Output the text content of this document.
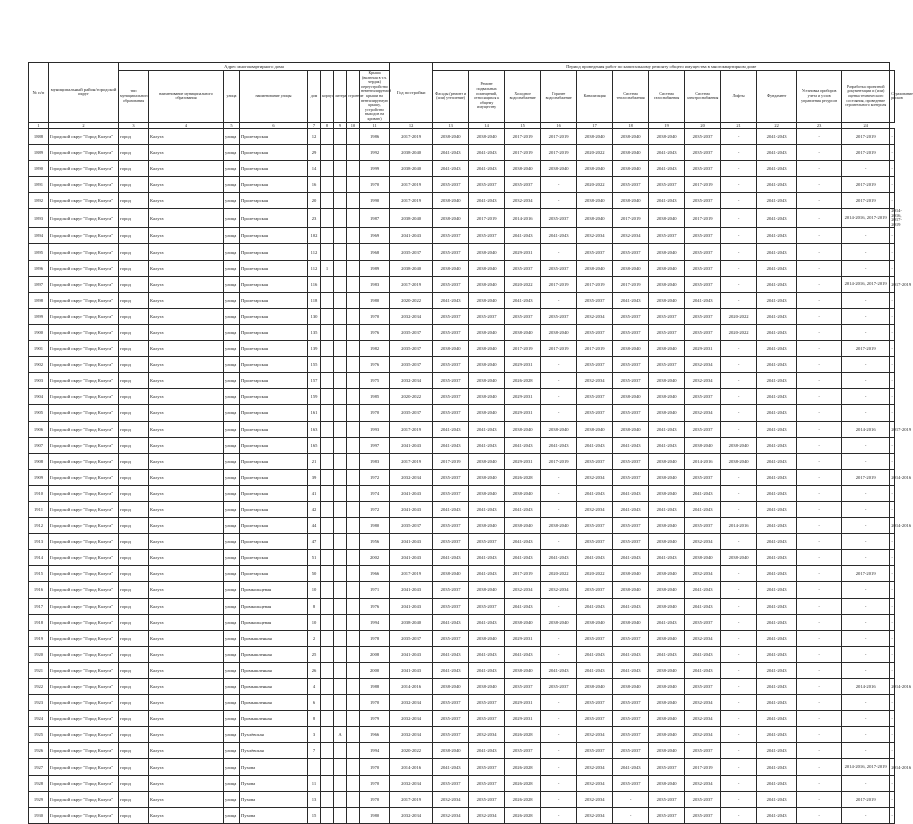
№ п/п	муниципальный район/городской округ	Адрес многоквартирного дома									Год постройки	Период проведения работ по капитальному ремонту общего имущества в многоквартирном доме												
		тип муниципального образования	наименование муниципального образования	улица	наименование улицы	дом	корпус	литера	строение	Крыша (включая в т.ч. чердак) переустройство невентилируемой крыши на вентилируемую крышу, устройство выходов на кровлю)		Фасады (ремонт и (или) утепление)	Ремонт подвальных помещений, относящихся к общему имуществу	Холодное водоснабжение	Горячее водоснабжение	Канализация	Система теплоснабжения	Система газоснабжения	Система электроснабжения	Лифты	Фундамент	Установка приборов учета и узлов управления ресурсов	Разработка проектной документации и (или) оценка технического состояния, проведение строительного контроля	Страхование рисков
1	2	3	4	5	6	7	8	9	10	11	12	13	14	15	16	17	18	19	20	21	22	23	24	
1888	Городской округ "Город Калуга"	город	Калуга	улица	Пролетарская	12				1986	2017-2019	2038-2040	2038-2040	2017-2019	2017-2019	2038-2040	2038-2040	2038-2040	2035-2037	-	2041-2043	-	2017-2019	-
1889	Городской округ "Город Калуга"	город	Калуга	улица	Пролетарская	29				1992	2038-2040	2041-2043	2041-2043	2017-2019	2017-2019	2020-2022	2038-2040	2041-2043	2035-2037	-	2041-2043	-	2017-2019	-
1890	Городской округ "Город Калуга"	город	Калуга	улица	Пролетарская	14				1999	2038-2040	2041-2043	2041-2043	2038-2040	2038-2040	2038-2040	2038-2040	2041-2043	2035-2037	-	2041-2043	-	-	-
1891	Городской округ "Город Калуга"	город	Калуга	улица	Пролетарская	16				1970	2017-2019	2035-2037	2035-2037	2035-2037	-	2020-2022	2035-2037	2035-2037	2017-2019	-	2041-2043	-	2017-2019	-
1892	Городской округ "Город Калуга"	город	Калуга	улица	Пролетарская	20				1990	2017-2019	2038-2040	2041-2043	2032-2034	-	2038-2040	2038-2040	2041-2043	2035-2037	-	2041-2043	-	2017-2019	-
1893	Городской округ "Город Калуга"	город	Калуга	улица	Пролетарская	23				1987	2038-2040	2038-2040	2017-2019	2014-2016	2035-2037	2038-2040	2017-2019	2038-2040	2017-2019	-	2041-2043	-	2014-2016, 2017-2019	2014-2016, 2017-2019
1894	Городской округ "Город Калуга"	город	Калуга	улица	Пролетарская	102				1969	2041-2043	2035-2037	2035-2037	2041-2043	2041-2043	2032-2034	2032-2034	2035-2037	2035-2037	-	2041-2043	-	-	-
1895	Городской округ "Город Калуга"	город	Калуга	улица	Пролетарская	112				1968	2035-2037	2035-2037	2038-2040	2029-2031	-	2035-2037	2035-2037	2038-2040	2035-2037	-	2041-2043	-	-	-
1896	Городской округ "Город Калуга"	город	Калуга	улица	Пролетарская	112	1			1989	2038-2040	2038-2040	2038-2040	2035-2037	2035-2037	2038-2040	2038-2040	2038-2040	2035-2037	-	2041-2043	-	-	-
1897	Городской округ "Город Калуга"	город	Калуга	улица	Пролетарская	116				1983	2017-2019	2035-2037	2038-2040	2020-2022	2017-2019	2017-2019	2017-2019	2038-2040	2035-2037	-	2041-2043	-	2014-2016, 2017-2019	2017-2019
1898	Городской округ "Город Калуга"	город	Калуга	улица	Пролетарская	118				1980	2020-2022	2041-2043	2038-2040	2041-2043	-	2035-2037	2041-2043	2038-2040	2041-2043	-	2041-2043	-	-	-
1899	Городской округ "Город Калуга"	город	Калуга	улица	Пролетарская	130				1970	2032-2034	2035-2037	2035-2037	2035-2037	2035-2037	2032-2034	2035-2037	2035-2037	2035-2037	2020-2022	2041-2043	-	-	-
1900	Городской округ "Город Калуга"	город	Калуга	улица	Пролетарская	135				1976	2035-2037	2035-2037	2038-2040	2038-2040	2038-2040	2035-2037	2035-2037	2035-2037	2035-2037	2020-2022	2041-2043	-	-	-
1901	Городской округ "Город Калуга"	город	Калуга	улица	Пролетарская	139				1982	2035-2037	2038-2040	2038-2040	2017-2019	2017-2019	2017-2019	2038-2040	2038-2040	2029-2031	-	2041-2043	-	2017-2019	-
1902	Городской округ "Город Калуга"	город	Калуга	улица	Пролетарская	155				1976	2035-2037	2035-2037	2038-2040	2029-2031	-	2035-2037	2035-2037	2035-2037	2032-2034	-	2041-2043	-	-	-
1903	Городской округ "Город Калуга"	город	Калуга	улица	Пролетарская	157				1975	2032-2034	2035-2037	2038-2040	2026-2028	-	2032-2034	2035-2037	2038-2040	2032-2034	-	2041-2043	-	-	-
1904	Городской округ "Город Калуга"	город	Калуга	улица	Пролетарская	159				1985	2020-2022	2035-2037	2038-2040	2029-2031	-	2035-2037	2038-2040	2038-2040	2035-2037	-	2041-2043	-	-	-
1905	Городской округ "Город Калуга"	город	Калуга	улица	Пролетарская	161				1970	2035-2037	2035-2037	2038-2040	2029-2031	-	2035-2037	2035-2037	2038-2040	2032-2034	-	2041-2043	-	-	-
1906	Городской округ "Город Калуга"	город	Калуга	улица	Пролетарская	163				1993	2017-2019	2041-2043	2041-2043	2038-2040	2038-2040	2038-2040	2038-2040	2041-2043	2035-2037	-	2041-2043	-	2014-2016	2017-2019
1907	Городской округ "Город Калуга"	город	Калуга	улица	Пролетарская	165				1997	2041-2043	2041-2043	2041-2043	2041-2043	2041-2043	2041-2043	2041-2043	2041-2043	2038-2040	2038-2040	2041-2043	-	-	-
1908	Городской округ "Город Калуга"	город	Калуга	улица	Пролетарская	21				1983	2017-2019	2017-2019	2038-2040	2029-2031	2017-2019	2035-2037	2035-2037	2038-2040	2014-2016	2038-2040	2041-2043	-	-	-
1909	Городской округ "Город Калуга"	город	Калуга	улица	Пролетарская	39				1972	2032-2034	2035-2037	2038-2040	2026-2028	-	2032-2034	2035-2037	2038-2040	2035-2037	-	2041-2043	-	2017-2019	2014-2016
1910	Городской округ "Город Калуга"	город	Калуга	улица	Пролетарская	41				1974	2041-2043	2035-2037	2038-2040	2038-2040	-	2041-2043	2041-2043	2038-2040	2041-2043	-	2041-2043	-	-	-
1911	Городской округ "Город Калуга"	город	Калуга	улица	Пролетарская	42				1972	2041-2043	2041-2043	2041-2043	2041-2043	-	2032-2034	2041-2043	2041-2043	2041-2043	-	2041-2043	-	-	-
1912	Городской округ "Город Калуга"	город	Калуга	улица	Пролетарская	44				1980	2035-2037	2035-2037	2038-2040	2038-2040	2038-2040	2035-2037	2035-2037	2038-2040	2035-2037	2014-2016	2041-2043	-	-	2014-2016
1913	Городской округ "Город Калуга"	город	Калуга	улица	Пролетарская	47				1956	2041-2043	2035-2037	2035-2037	2041-2043	-	2035-2037	2035-2037	2038-2040	2032-2034	-	2041-2043	-	-	-
1914	Городской округ "Город Калуга"	город	Калуга	улица	Пролетарская	51				2002	2041-2043	2041-2043	2041-2043	2041-2043	2041-2043	2041-2043	2041-2043	2041-2043	2038-2040	2038-2040	2041-2043	-	-	-
1915	Городской округ "Город Калуга"	город	Калуга	улица	Пролетарская	50				1966	2017-2019	2038-2040	2041-2043	2017-2019	2020-2022	2020-2022	2038-2040	2038-2040	2032-2034	-	2041-2043	-	2017-2019	-
1916	Городской округ "Город Калуга"	город	Калуга	улица	Промкольцевая	10				1971	2041-2043	2035-2037	2038-2040	2032-2034	2032-2034	2035-2037	2038-2040	2038-2040	2041-2043	-	2041-2043	-	-	-
1917	Городской округ "Город Калуга"	город	Калуга	улица	Промкольцевая	8				1976	2041-2043	2035-2037	2035-2037	2041-2043	-	2041-2043	2041-2043	2038-2040	2041-2043	-	2041-2043	-	-	-
1918	Городской округ "Город Калуга"	город	Калуга	улица	Промкольцевая	10				1994	2038-2040	2041-2043	2041-2043	2038-2040	2038-2040	2038-2040	2038-2040	2041-2043	2035-2037	-	2041-2043	-	-	-
1919	Городской округ "Город Калуга"	город	Калуга	улица	Промышленная	2				1978	2035-2037	2035-2037	2038-2040	2029-2031	-	2035-2037	2035-2037	2038-2040	2032-2034	-	2041-2043	-	-	-
1920	Городской округ "Город Калуга"	город	Калуга	улица	Промышленная	25				2008	2041-2043	2041-2043	2041-2043	2041-2043	-	2041-2043	2041-2043	2041-2043	2041-2043	-	2041-2043	-	-	-
1921	Городской округ "Город Калуга"	город	Калуга	улица	Промышленная	26				2000	2041-2043	2041-2043	2041-2043	2038-2040	2041-2043	2041-2043	2041-2043	2038-2040	2041-2043	-	2041-2043	-	-	-
1922	Городской округ "Город Калуга"	город	Калуга	улица	Промышленная	4				1988	2014-2016	2038-2040	2038-2040	2035-2037	2035-2037	2038-2040	2038-2040	2038-2040	2035-2037	-	2041-2043	-	2014-2016	2014-2016
1923	Городской округ "Город Калуга"	город	Калуга	улица	Промышленная	6				1970	2032-2034	2035-2037	2035-2037	2029-2031	-	2035-2037	2035-2037	2038-2040	2032-2034	-	2041-2043	-	-	-
1924	Городской округ "Город Калуга"	город	Калуга	улица	Промышленная	8				1979	2032-2034	2035-2037	2035-2037	2029-2031	-	2035-2037	2035-2037	2038-2040	2032-2034	-	2041-2043	-	-	-
1925	Городской округ "Город Калуга"	город	Калуга	улица	Пухлёвская	3		А		1966	2032-2034	2035-2037	2032-2034	2026-2028	-	2032-2034	2035-2037	2038-2040	2032-2034	-	2041-2043	-	-	-
1926	Городской округ "Город Калуга"	город	Калуга	улица	Пухлёвская	7				1994	2020-2022	2038-2040	2041-2043	2035-2037	-	2035-2037	2035-2037	2038-2040	2035-2037	-	2041-2043	-	-	-
1927	Городской округ "Город Калуга"	город	Калуга	улица	Пухова					1970	2014-2016	2041-2043	2035-2037	2026-2028	-	2032-2034	2041-2043	2035-2037	2017-2019	-	2041-2043	-	2014-2016, 2017-2019	2014-2016
1928	Городской округ "Город Калуга"	город	Калуга	улица	Пухова	11				1970	2032-2034	2035-2037	2035-2037	2026-2028	-	2032-2034	2035-2037	2038-2040	2032-2034	-	2041-2043	-	-	-
1929	Городской округ "Город Калуга"	город	Калуга	улица	Пухова	13				1970	2017-2019	2032-2034	2035-2037	2026-2028	-	2032-2034	-	2035-2037	2035-2037	-	2041-2043	-	2017-2019	-
1930	Городской округ "Город Калуга"	город	Калуга	улица	Пухова	15				1980	2032-2034	2032-2034	2032-2034	2026-2028	-	2032-2034	-	2035-2037	2035-2037	-	2041-2043	-	-	-
